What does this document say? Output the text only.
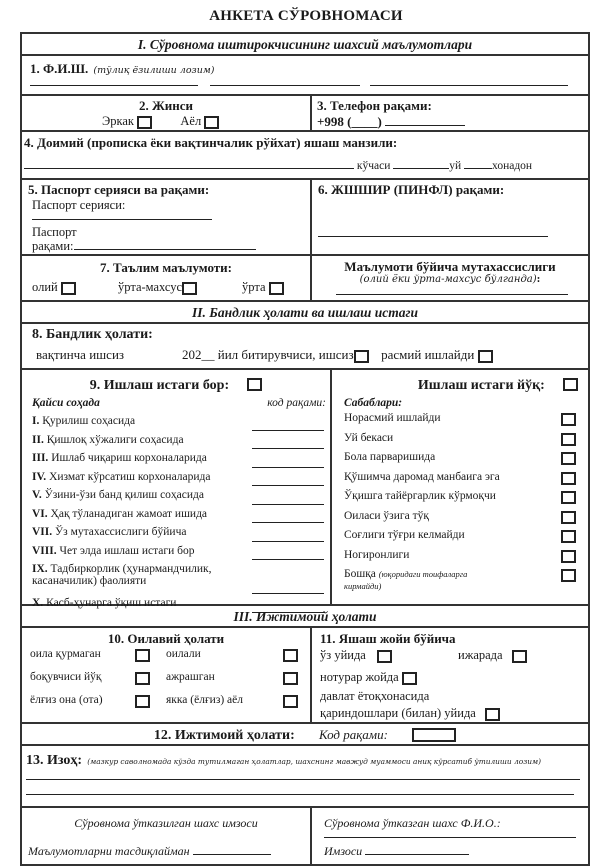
АНКЕТА СЎРОВНОМАСИ
I. Сўровнома иштирокчисининг шахсий маълумотлари
1. Ф.И.Ш. (тўлиқ ёзилиши лозим)
2. Жинси
Эркак	Аёл
3. Телефон рақами:
+998 (____)
4. Доимий (прописка ёки вақтинчалик рўйхат) яшаш манзили:
кўчаси	уй	хонадон
5. Паспорт серияси ва рақами:
Паспорт серияси:
Паспорт
рақами:
6. ЖШШИР (ПИНФЛ) рақами:
7. Таълим маълумоти:
олий	ўрта-махсус	ўрта
Маълумоти бўйича мутахассислиги
(олий ёки ўрта-махсус бўлганда):
II. Бандлик ҳолати ва ишлаш истаги
8. Бандлик ҳолати:
вақтинча ишсиз	202__ йил битирувчиси, ишсиз расмий ишлайди
9. Ишлаш истаги бор:
Қайси соҳада	код рақами:
I. Қурилиш соҳасида
II. Қишлоқ хўжалиги соҳасида
III. Ишлаб чиқариш корхоналарида
IV. Хизмат кўрсатиш корхоналарида
V. Ўзини-ўзи банд қилиш соҳасида
VI. Ҳақ тўланадиган жамоат ишида
VII. Ўз мутахассислиги бўйича
VIII. Чет элда ишлаш истаги бор
IX. Тадбиркорлик (ҳунармандчилик,
касаначилик) фаолияти
X. Касб-ҳунарга ўқиш истаги
Ишлаш истаги йўқ:
Сабаблари:
Норасмий ишлайди
Уй бекаси
Бола парваришида
Қўшимча даромад манбаига эга
Ўқишга тайёргарлик кўрмоқчи
Оиласи ўзига тўқ
Соғлиги тўғри келмайди
Ногиронлиги
Бошқа (юқоридаги тоифаларга
кирмайди)
III. Ижтимоий ҳолати
10. Оилавий ҳолати
оила қурмаган	оилали
боқувчиси йўқ	ажрашган
ёлғиз она (ота)	якка (ёлғиз) аёл
11. Яшаш жойи бўйича
ўз уйида	ижарада
нотурар жойда
давлат ётоқхонасида
қариндошлари (билан) уйида
12. Ижтимоий ҳолати: Код рақами:
13. Изоҳ: (мазкур саволномада кўзда тутилмаган ҳолатлар, шахснинг мавжуд муаммоси аниқ кўрсатиб ўтилиши лозим)
Сўровнома ўтказилган шахс имзоси
Маълумотларни тасдиқлайман
Сўровнома ўтказган шахс Ф.И.О.:
Имзоси
